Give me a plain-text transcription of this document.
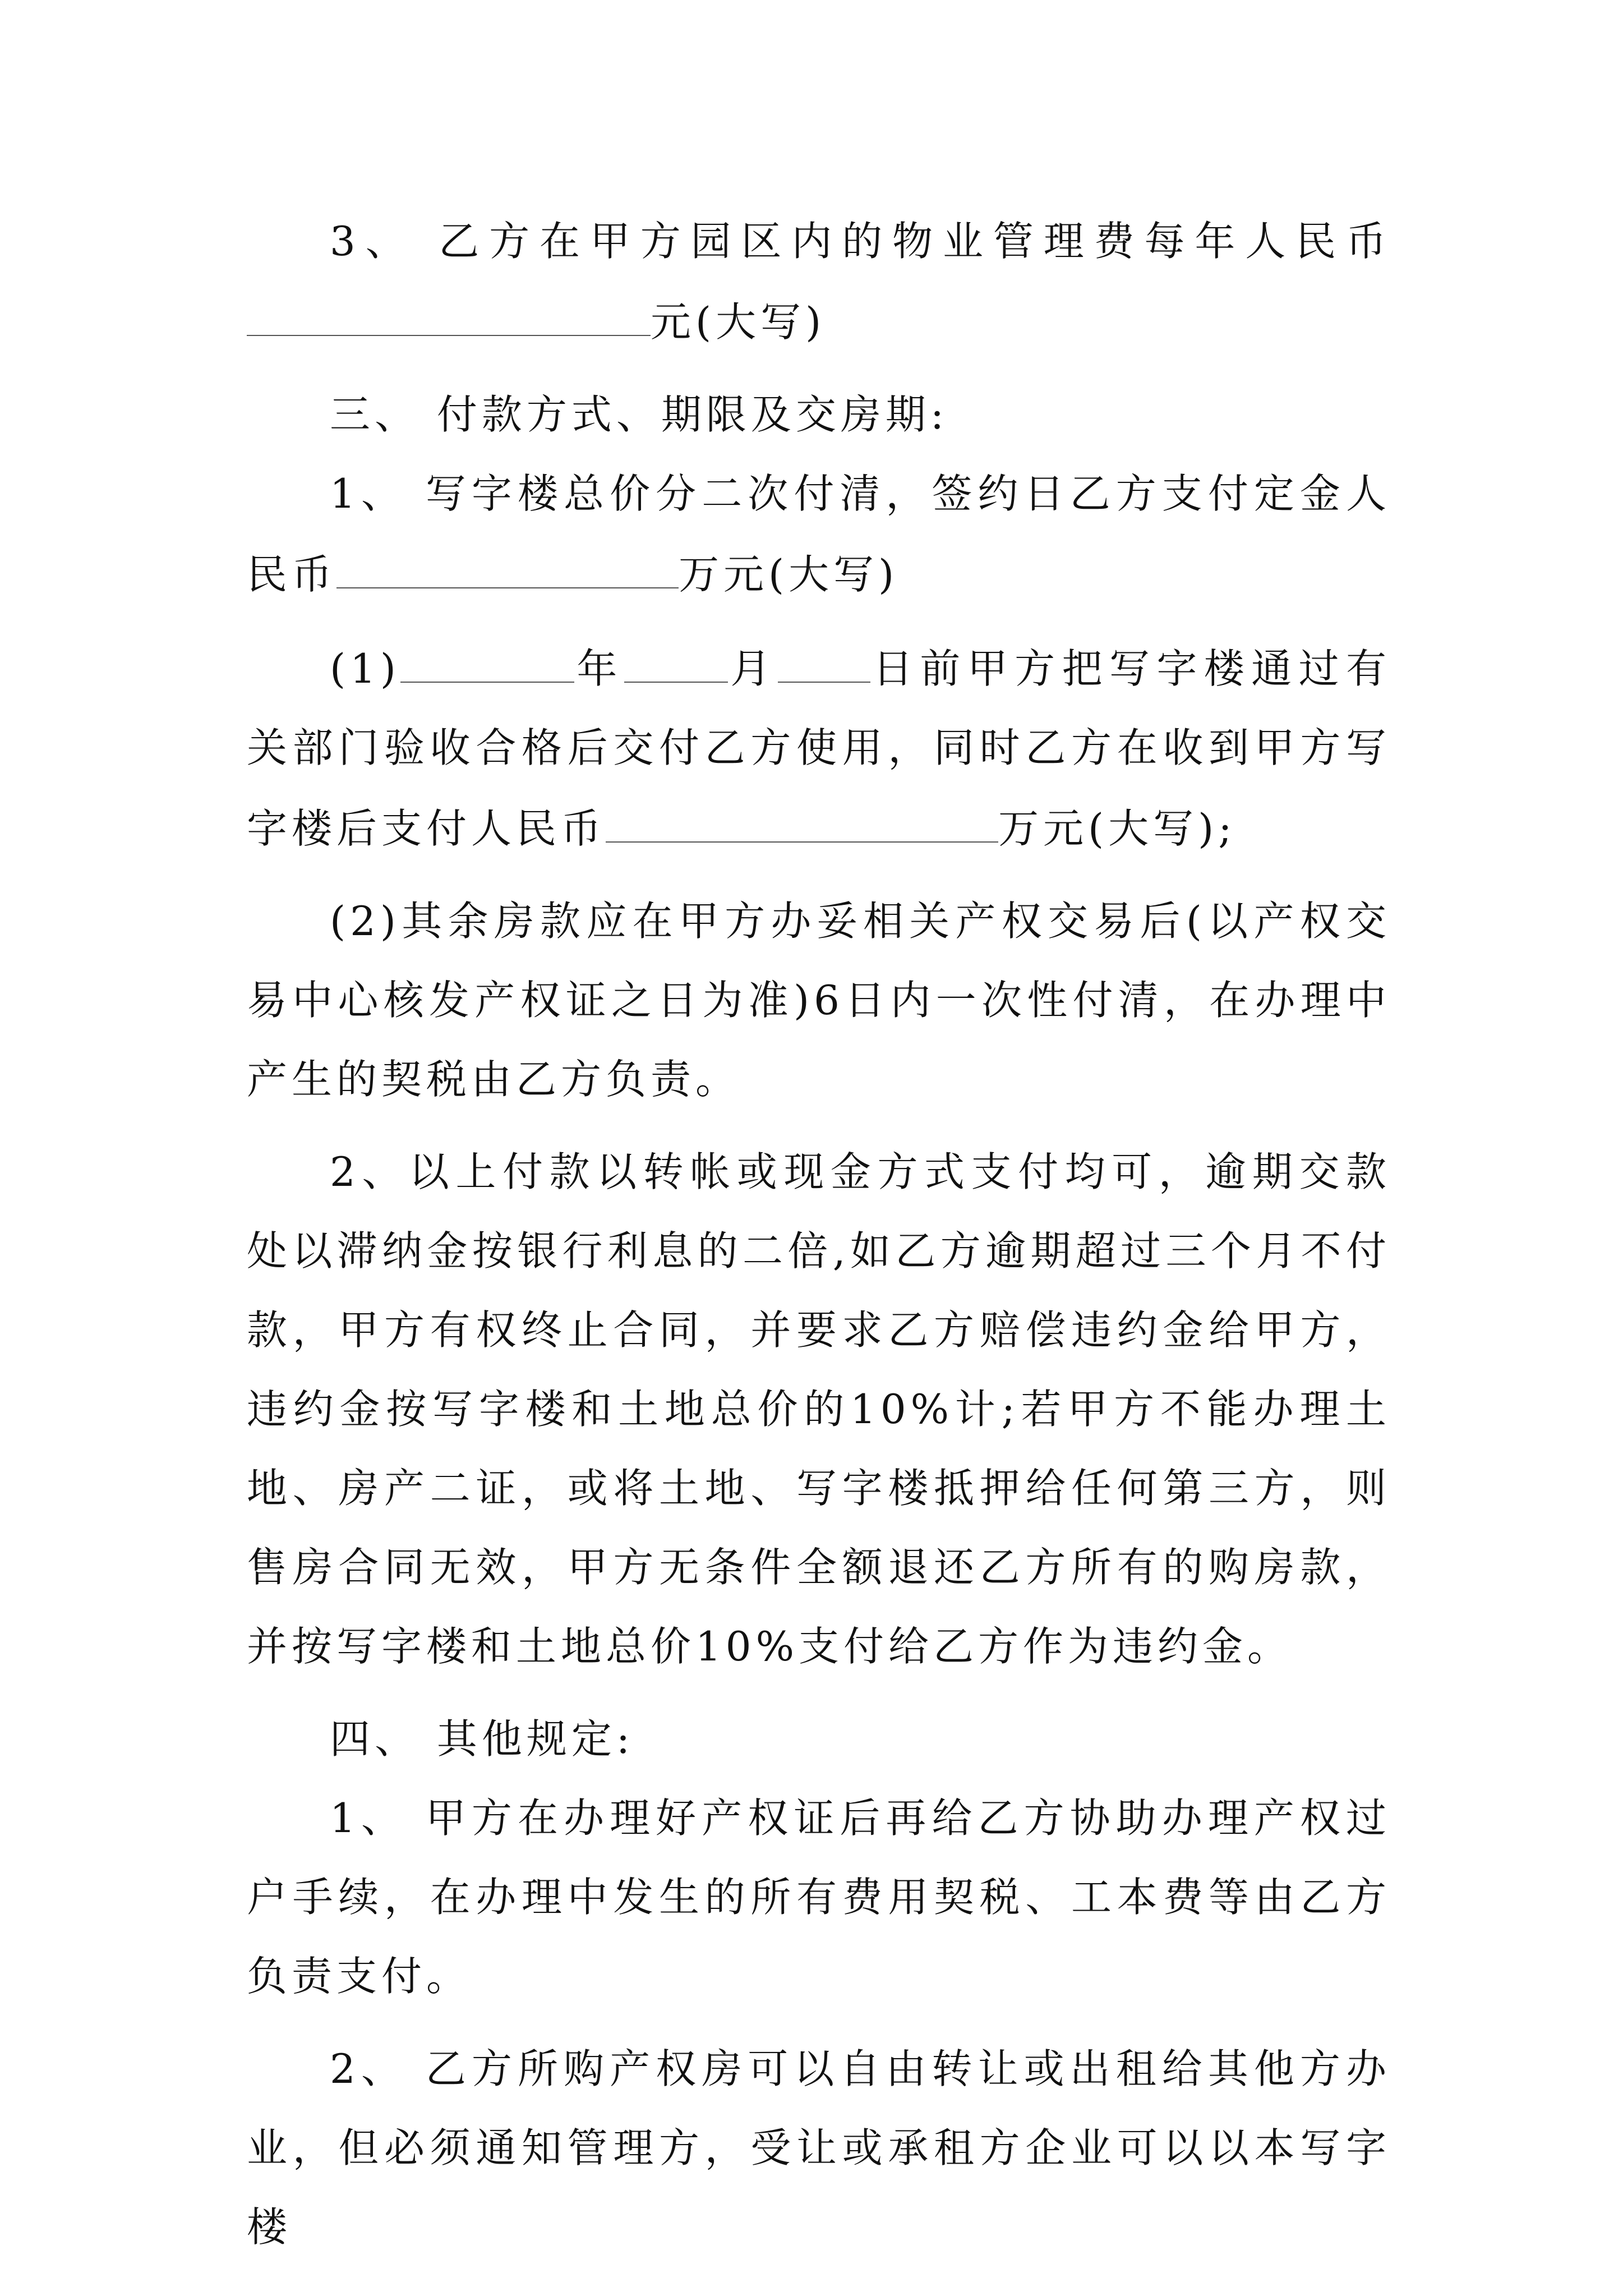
3、 乙方在甲方园区内的物业管理费每年人民币元(大写)

三、 付款方式、期限及交房期:

1、 写字楼总价分二次付清，签约日乙方支付定金人民币	万元(大写)

(1)	年	月 日前甲方把写字楼通过有关部门验收合格后交付乙方使用，同时乙方在收到甲方写字楼后支付人民币	万元(大写);

(2)其余房款应在甲方办妥相关产权交易后(以产权交易中心核发产权证之日为准)6日内一次性付清，在办理中产生的契税由乙方负责。

2、以上付款以转帐或现金方式支付均可，逾期交款处以滞纳金按银行利息的二倍,如乙方逾期超过三个月不付款，甲方有权终止合同，并要求乙方赔偿违约金给甲方，违约金按写字楼和土地总价的10%计;若甲方不能办理土地、房产二证，或将土地、写字楼抵押给任何第三方，则售房合同无效，甲方无条件全额退还乙方所有的购房款，并按写字楼和土地总价10%支付给乙方作为违约金。

四、 其他规定:

1、 甲方在办理好产权证后再给乙方协助办理产权过户手续，在办理中发生的所有费用契税、工本费等由乙方负责支付。

2、 乙方所购产权房可以自由转让或出租给其他方办业，但必须通知管理方，受让或承租方企业可以以本写字楼
